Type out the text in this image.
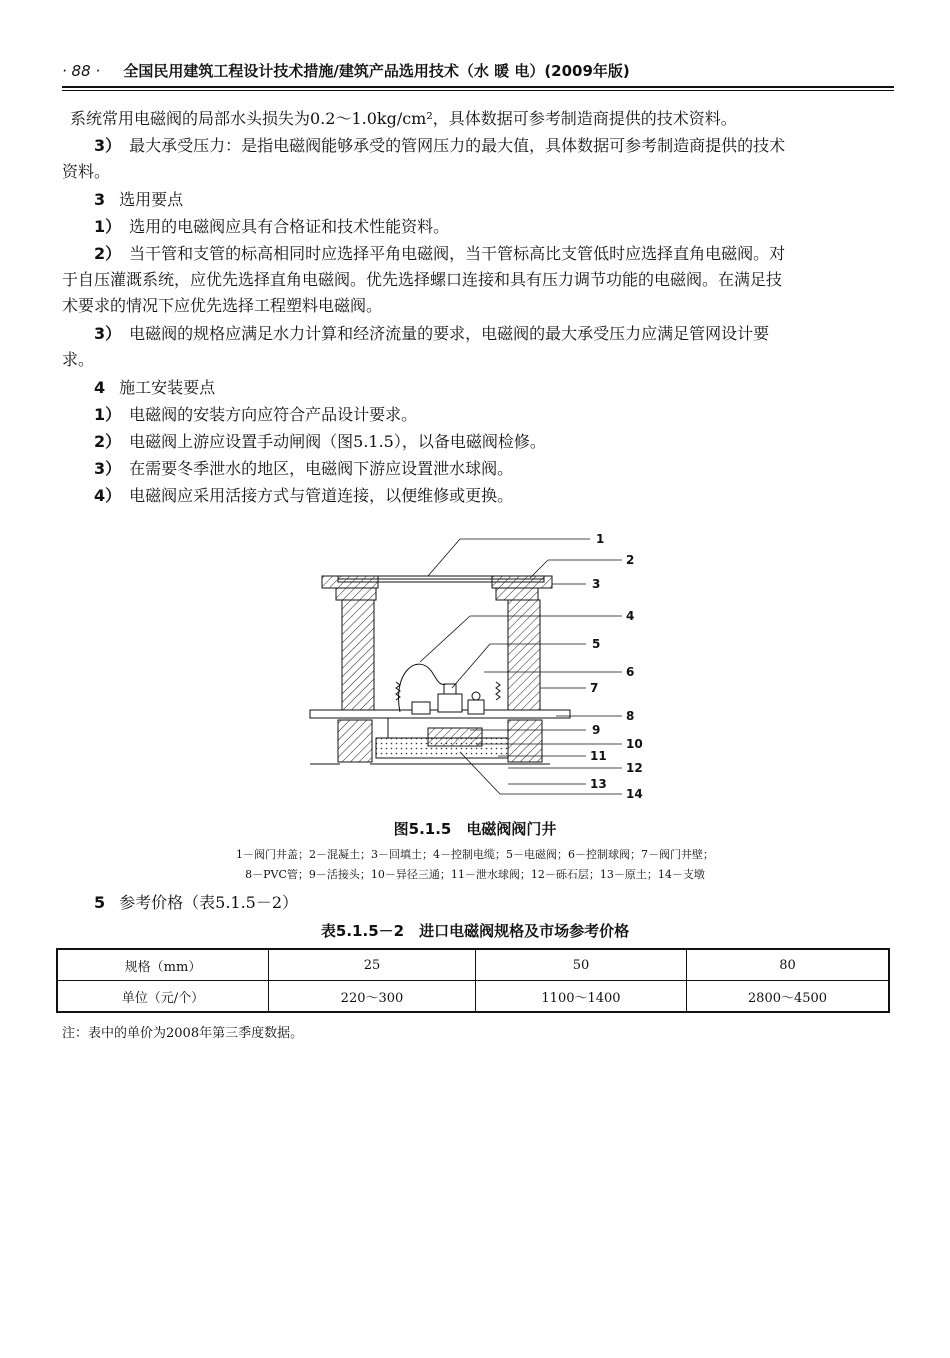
· 88 · 全国民用建筑工程设计技术措施/建筑产品选用技术（水 暖 电）(2009年版)
系统常用电磁阀的局部水头损失为0.2～1.0kg/cm²，具体数据可参考制造商提供的技术资料。
3） 最大承受压力：是指电磁阀能够承受的管网压力的最大值，具体数据可参考制造商提供的技术
资料。
3 选用要点
1） 选用的电磁阀应具有合格证和技术性能资料。
2） 当干管和支管的标高相同时应选择平角电磁阀，当干管标高比支管低时应选择直角电磁阀。对
于自压灌溉系统，应优先选择直角电磁阀。优先选择螺口连接和具有压力调节功能的电磁阀。在满足技
术要求的情况下应优先选择工程塑料电磁阀。
3） 电磁阀的规格应满足水力计算和经济流量的要求，电磁阀的最大承受压力应满足管网设计要
求。
4 施工安装要点
1） 电磁阀的安装方向应符合产品设计要求。
2） 电磁阀上游应设置手动闸阀（图5.1.5），以备电磁阀检修。
3） 在需要冬季泄水的地区，电磁阀下游应设置泄水球阀。
4） 电磁阀应采用活接方式与管道连接，以便维修或更换。
1
2
3
4
5
6
7
8
9
10
11
12
13
14
图5.1.5　电磁阀阀门井
1－阀门井盖；2－混凝土；3－回填土；4－控制电缆；5－电磁阀；6－控制球阀；7－阀门井壁；
8－PVC管；9－活接头；10－异径三通；11－泄水球阀；12－砾石层；13－原土；14－支墩
5 参考价格（表5.1.5－2）
表5.1.5－2　进口电磁阀规格及市场参考价格
规格（mm）	25	50	80
单位（元/个）	220～300	1100～1400	2800～4500
注：表中的单价为2008年第三季度数据。
